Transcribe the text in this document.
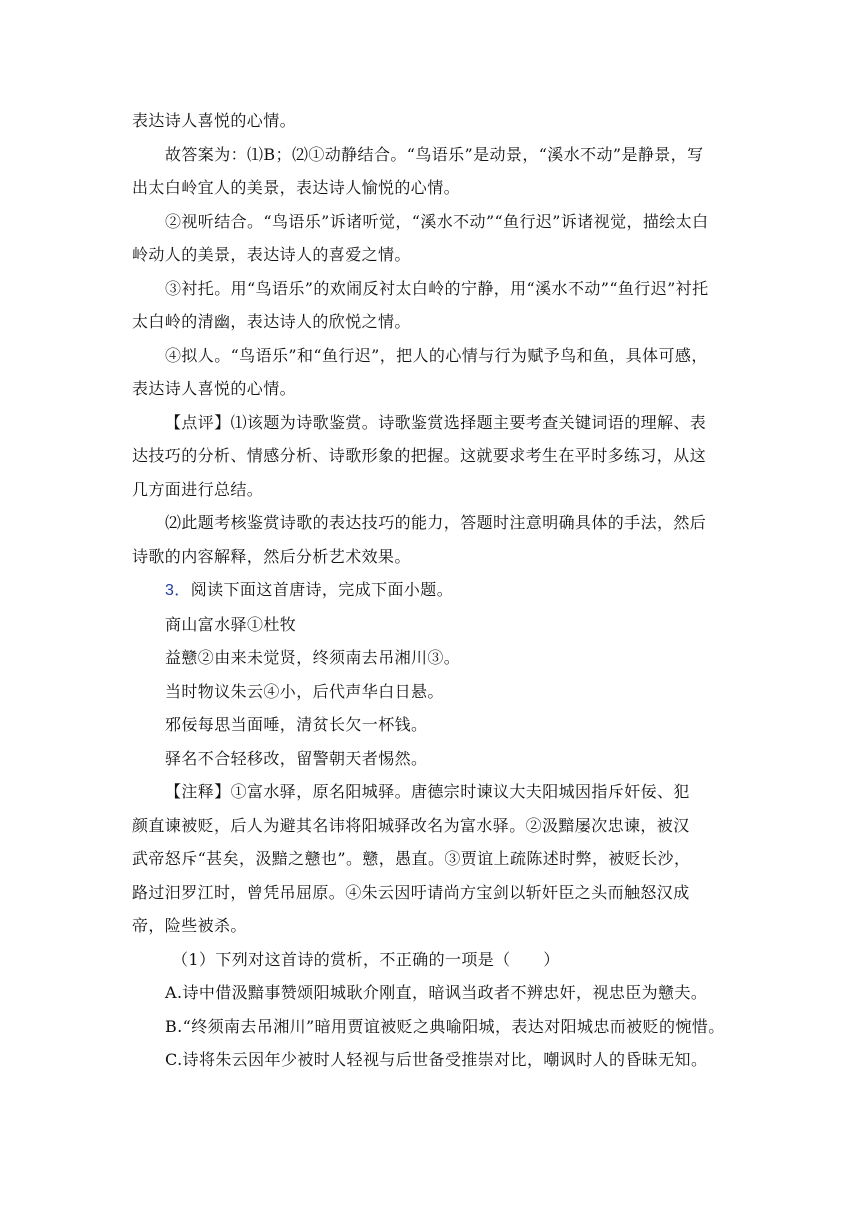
表达诗人喜悦的心情。

故答案为：⑴B；⑵①动静结合。“鸟语乐”是动景，“溪水不动”是静景，写

出太白岭宜人的美景，表达诗人愉悦的心情。

②视听结合。“鸟语乐”诉诸听觉，“溪水不动”“鱼行迟”诉诸视觉，描绘太白

岭动人的美景，表达诗人的喜爱之情。

③衬托。用“鸟语乐”的欢闹反衬太白岭的宁静，用“溪水不动”“鱼行迟”衬托

太白岭的清幽，表达诗人的欣悦之情。

④拟人。“鸟语乐”和“鱼行迟”，把人的心情与行为赋予鸟和鱼，具体可感，

表达诗人喜悦的心情。

【点评】⑴该题为诗歌鉴赏。诗歌鉴赏选择题主要考查关键词语的理解、表

达技巧的分析、情感分析、诗歌形象的把握。这就要求考生在平时多练习，从这

几方面进行总结。

⑵此题考核鉴赏诗歌的表达技巧的能力，答题时注意明确具体的手法，然后

诗歌的内容解释，然后分析艺术效果。

3．阅读下面这首唐诗，完成下面小题。

商山富水驿①杜牧

益戆②由来未觉贤，终须南去吊湘川③。

当时物议朱云④小，后代声华白日悬。

邪佞每思当面唾，清贫长欠一杯钱。

驿名不合轻移改，留警朝天者惕然。

【注释】①富水驿，原名阳城驿。唐德宗时谏议大夫阳城因指斥奸佞、犯

颜直谏被贬，后人为避其名讳将阳城驿改名为富水驿。②汲黯屡次忠谏，被汉

武帝怒斥“甚矣，汲黯之戆也”。戆，愚直。③贾谊上疏陈述时弊，被贬长沙，

路过汨罗江时，曾凭吊屈原。④朱云因吁请尚方宝剑以斩奸臣之头而触怒汉成

帝，险些被杀。

（1）下列对这首诗的赏析，不正确的一项是（　　）

A.诗中借汲黯事赞颂阳城耿介刚直，暗讽当政者不辨忠奸，视忠臣为戆夫。

B.“终须南去吊湘川”暗用贾谊被贬之典喻阳城，表达对阳城忠而被贬的惋惜。

C.诗将朱云因年少被时人轻视与后世备受推崇对比，嘲讽时人的昏昧无知。
